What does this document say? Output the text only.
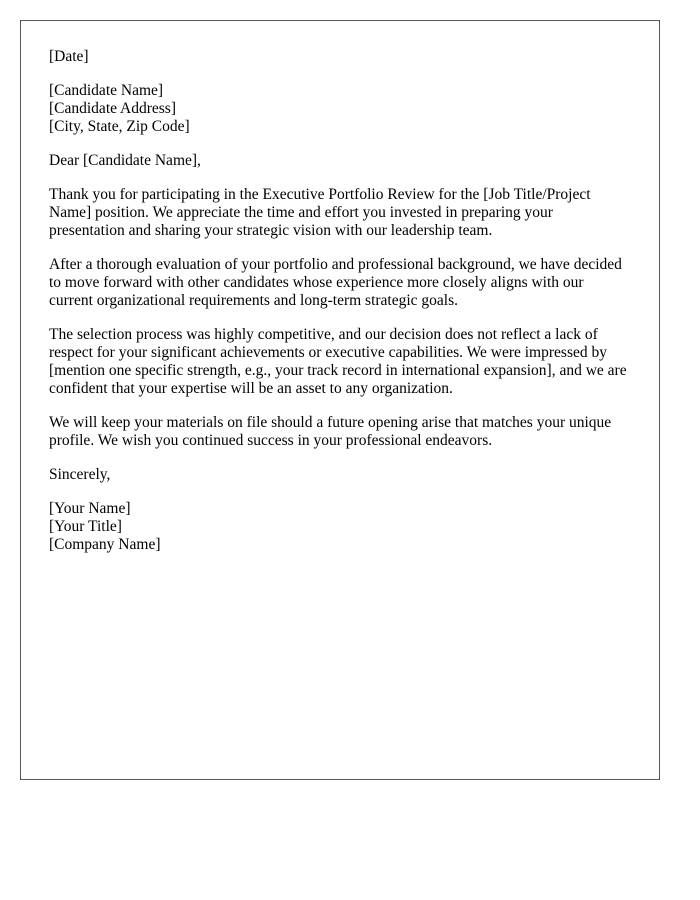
[Date]

[Candidate Name]

[Candidate Address]

[City, State, Zip Code]

Dear [Candidate Name],

Thank you for participating in the Executive Portfolio Review for the [Job Title/Project Name] position. We appreciate the time and effort you invested in preparing your presentation and sharing your strategic vision with our leadership team.

After a thorough evaluation of your portfolio and professional background, we have decided to move forward with other candidates whose experience more closely aligns with our current organizational requirements and long-term strategic goals.

The selection process was highly competitive, and our decision does not reflect a lack of respect for your significant achievements or executive capabilities. We were impressed by [mention one specific strength, e.g., your track record in international expansion], and we are confident that your expertise will be an asset to any organization.

We will keep your materials on file should a future opening arise that matches your unique profile. We wish you continued success in your professional endeavors.

Sincerely,

[Your Name]

[Your Title]

[Company Name]
